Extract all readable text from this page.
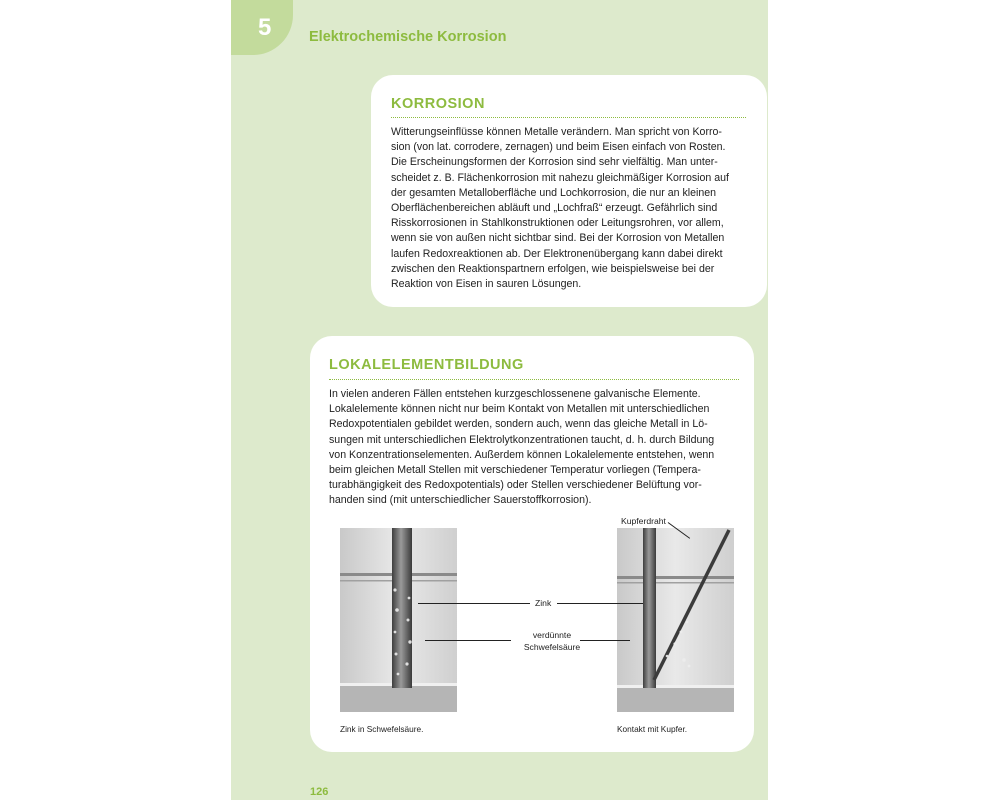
5	Elektrochemische Korrosion
KORROSION
Witterungseinflüsse können Metalle verändern. Man spricht von Korro-
sion (von lat. corrodere, zernagen) und beim Eisen einfach von Rosten.
Die Erscheinungsformen der Korrosion sind sehr vielfältig. Man unter-
scheidet z. B. Flächenkorrosion mit nahezu gleichmäßiger Korrosion auf
der gesamten Metalloberfläche und Lochkorrosion, die nur an kleinen
Oberflächenbereichen abläuft und „Lochfraß“ erzeugt. Gefährlich sind
Risskorrosionen in Stahlkonstruktionen oder Leitungsrohren, vor allem,
wenn sie von außen nicht sichtbar sind. Bei der Korrosion von Metallen
laufen Redoxreaktionen ab. Der Elektronenübergang kann dabei direkt
zwischen den Reaktionspartnern erfolgen, wie beispielsweise bei der
Reaktion von Eisen in sauren Lösungen.
LOKALELEMENTBILDUNG
In vielen anderen Fällen entstehen kurzgeschlossenene galvanische Elemente.
Lokalelemente können nicht nur beim Kontakt von Metallen mit unterschiedlichen
Redoxpotentialen gebildet werden, sondern auch, wenn das gleiche Metall in Lö-
sungen mit unterschiedlichen Elektrolytkonzentrationen taucht, d. h. durch Bildung
von Konzentrationselementen. Außerdem können Lokalelemente entstehen, wenn
beim gleichen Metall Stellen mit verschiedener Temperatur vorliegen (Tempera-
turabhängigkeit des Redoxpotentials) oder Stellen verschiedener Belüftung vor-
handen sind (mit unterschiedlicher Sauerstoffkorrosion).
Kupferdraht
Zink
verdünnte
Schwefelsäure
Zink in Schwefelsäure.	Kontakt mit Kupfer.
126
